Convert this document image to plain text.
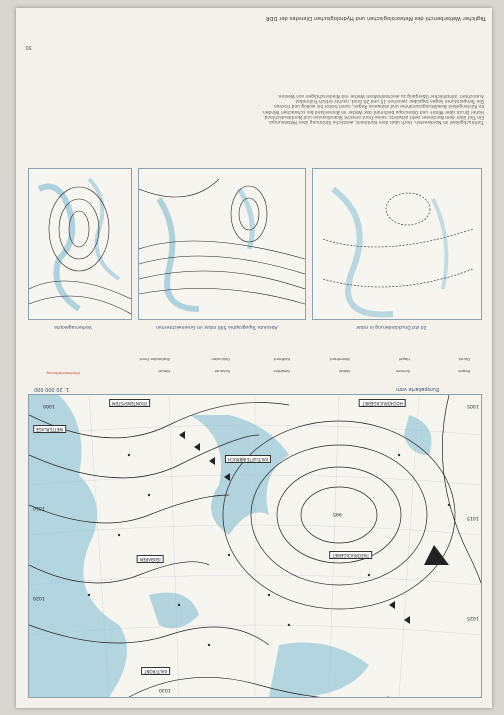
Täglicher Wetterbericht des Meteorologischen und Hydrologischen Dienstes der DDR
30.
Tiefdruckgebiet im Nordwesten, Hoch über dem Kontinent, westliche Strömung über Mitteleuropa
Ein Tief über dem Nordmeer zieht ostwärts; seine Front erreicht Skandinavien und Norddeutschland.
Hoher Druck über Mittel- und Osteuropa bestimmt das Wetter im Binnenland bei schwachen Winden.
Im Küstengebiet Bewölkungszunahme und zeitweise Regen, sonst heiter bis wolkig und trocken.
Die Temperaturen liegen tagsüber zwischen 15 und 20 Grad, nachts örtlich Frühnebel.
Aussichten: allmählicher Übergang zu wechselhaftem Wetter mit Niederschlägen von Westen.
Vorhersagekarte	Absolute Topographie 500 mbar im Greenwichtermin	24 std Druckänderung in mbar
Zeichenerklärung	Regen
Schnee
Nebel
Gewitter
Schauer
Niesel
Dunst
Hagel
Warmfront
Kaltfront
Okklusion
Stationäre Front
Europakarte vom
1: 20 000 000
HOCHDRUCKGEBIET
FRONTENSYSTEM
WETTERLAGE
KALTLUFTEINBRUCH
TIEFDRUCKGEBIET
ISOBAREN
KALTFRONT
1000	1005
1010
1015
1020
1025
1030
995
